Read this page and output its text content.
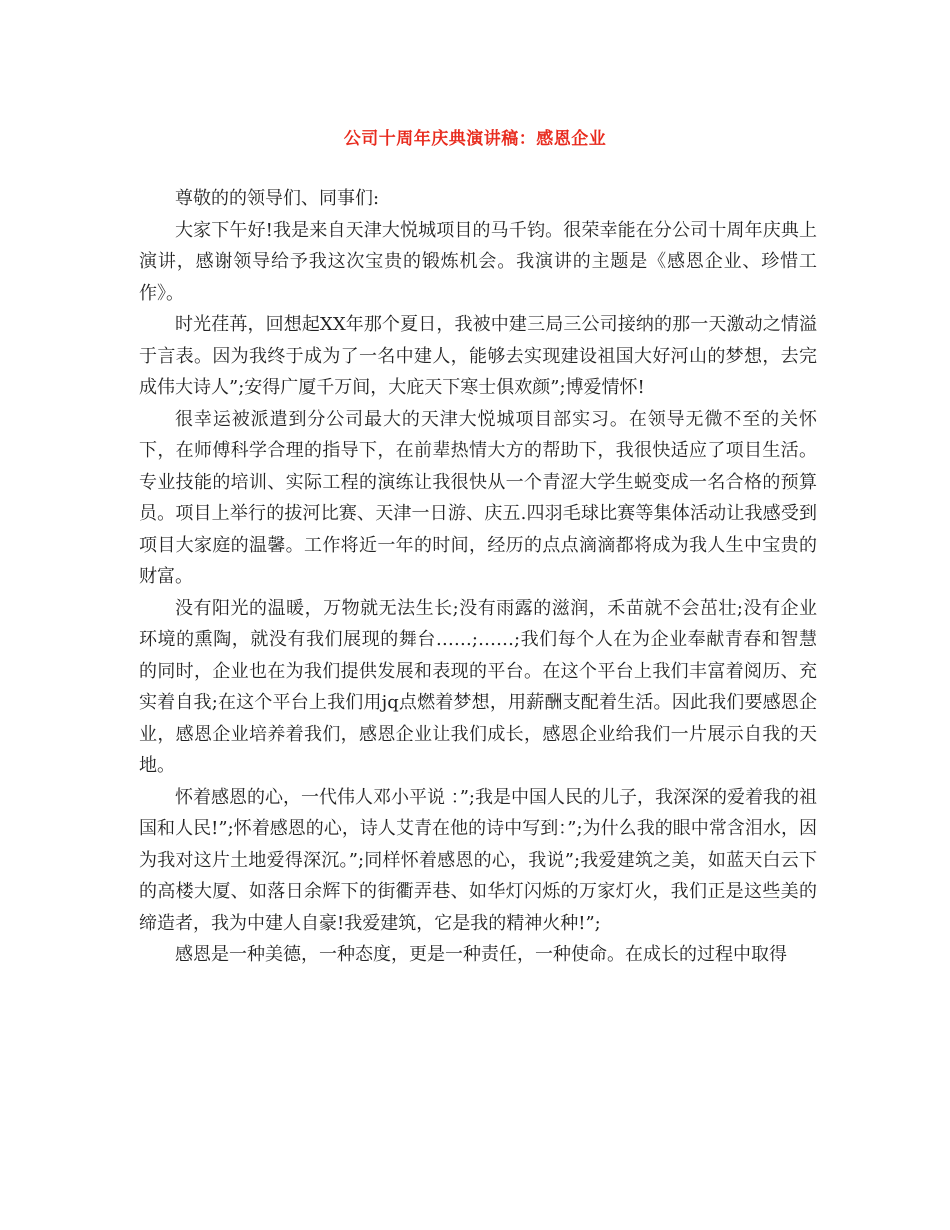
公司十周年庆典演讲稿：感恩企业

尊敬的的领导们、同事们:

大家下午好!我是来自天津大悦城项目的马千钧。很荣幸能在分公司十周年庆典上演讲，感谢领导给予我这次宝贵的锻炼机会。我演讲的主题是《感恩企业、珍惜工作》。

时光荏苒，回想起XX年那个夏日，我被中建三局三公司接纳的那一天激动之情溢于言表。因为我终于成为了一名中建人，能够去实现建设祖国大好河山的梦想，去完成伟大诗人”;安得广厦千万间，大庇天下寒士俱欢颜”;博爱情怀!

很幸运被派遣到分公司最大的天津大悦城项目部实习。在领导无微不至的关怀下，在师傅科学合理的指导下，在前辈热情大方的帮助下，我很快适应了项目生活。专业技能的培训、实际工程的演练让我很快从一个青涩大学生蜕变成一名合格的预算员。项目上举行的拔河比赛、天津一日游、庆五.四羽毛球比赛等集体活动让我感受到项目大家庭的温馨。工作将近一年的时间，经历的点点滴滴都将成为我人生中宝贵的财富。

没有阳光的温暖，万物就无法生长;没有雨露的滋润，禾苗就不会茁壮;没有企业环境的熏陶，就没有我们展现的舞台……;……;我们每个人在为企业奉献青春和智慧的同时，企业也在为我们提供发展和表现的平台。在这个平台上我们丰富着阅历、充实着自我;在这个平台上我们用jq点燃着梦想，用薪酬支配着生活。因此我们要感恩企业，感恩企业培养着我们，感恩企业让我们成长，感恩企业给我们一片展示自我的天地。

怀着感恩的心，一代伟人邓小平说 ：”;我是中国人民的儿子，我深深的爱着我的祖国和人民!”;怀着感恩的心，诗人艾青在他的诗中写到：”;为什么我的眼中常含泪水，因为我对这片土地爱得深沉。”;同样怀着感恩的心，我说”;我爱建筑之美，如蓝天白云下的高楼大厦、如落日余辉下的街衢弄巷、如华灯闪烁的万家灯火，我们正是这些美的缔造者，我为中建人自豪!我爱建筑，它是我的精神火种!”;

感恩是一种美德，一种态度，更是一种责任，一种使命。在成长的过程中取得
